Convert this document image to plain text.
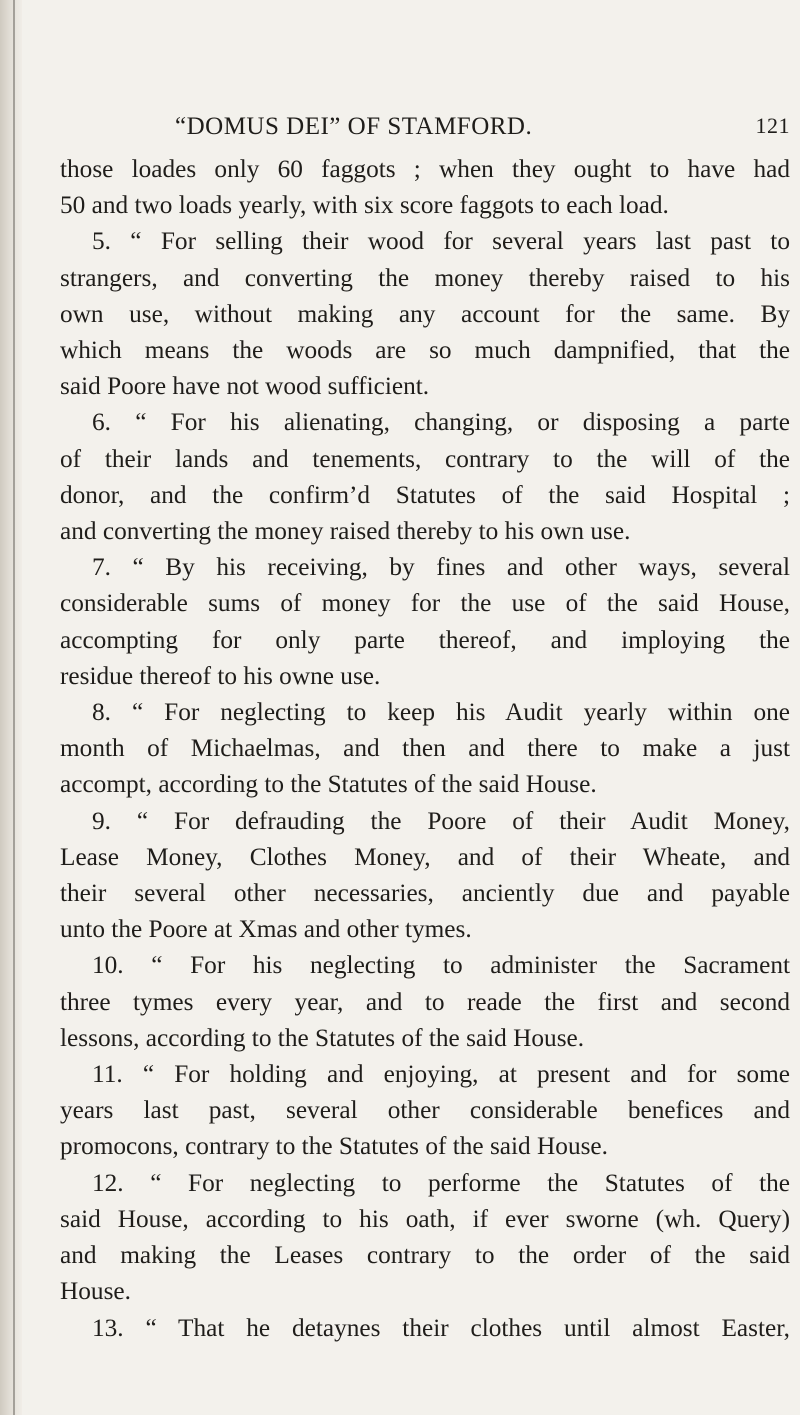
“DOMUS DEI” OF STAMFORD.	121
those loades only 60 faggots ; when they ought to have had
50 and two loads yearly, with six score faggots to each load.
5. “ For selling their wood for several years last past to
strangers, and converting the money thereby raised to his
own use, without making any account for the same. By
which means the woods are so much dampnified, that the
said Poore have not wood sufficient.
6. “ For his alienating, changing, or disposing a parte
of their lands and tenements, contrary to the will of the
donor, and the confirm’d Statutes of the said Hospital ;
and converting the money raised thereby to his own use.
7. “ By his receiving, by fines and other ways, several
considerable sums of money for the use of the said House,
accompting for only parte thereof, and imploying the
residue thereof to his owne use.
8. “ For neglecting to keep his Audit yearly within one
month of Michaelmas, and then and there to make a just
accompt, according to the Statutes of the said House.
9. “ For defrauding the Poore of their Audit Money,
Lease Money, Clothes Money, and of their Wheate, and
their several other necessaries, anciently due and payable
unto the Poore at Xmas and other tymes.
10. “ For his neglecting to administer the Sacrament
three tymes every year, and to reade the first and second
lessons, according to the Statutes of the said House.
11. “ For holding and enjoying, at present and for some
years last past, several other considerable benefices and
promocons, contrary to the Statutes of the said House.
12. “ For neglecting to performe the Statutes of the
said House, according to his oath, if ever sworne (wh. Query)
and making the Leases contrary to the order of the said
House.
13. “ That he detaynes their clothes until almost Easter,
